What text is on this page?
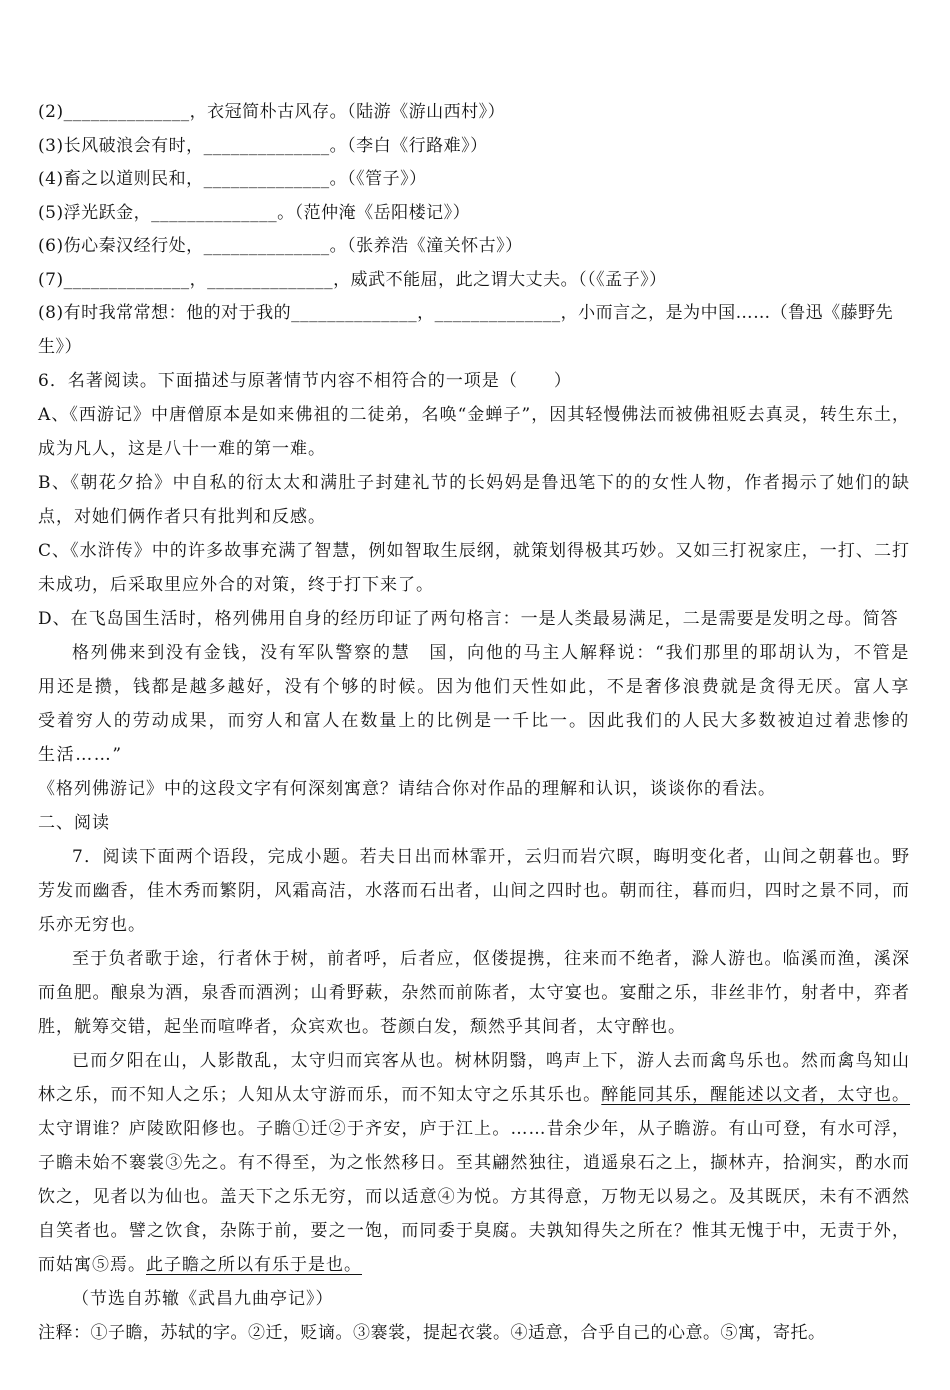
(2)______________，衣冠简朴古风存。（陆游《游山西村》）

(3)长风破浪会有时，______________。（李白《行路难》）

(4)畜之以道则民和，______________。（《管子》）

(5)浮光跃金，______________。（范仲淹《岳阳楼记》）

(6)伤心秦汉经行处，______________。（张养浩《潼关怀古》）

(7)______________，______________，威武不能屈，此之谓大丈夫。（（《孟子》）

(8)有时我常常想：他的对于我的______________，______________，小而言之，是为中国……（鲁迅《藤野先生》）

6．名著阅读。下面描述与原著情节内容不相符合的一项是（　　）

A、《西游记》中唐僧原本是如来佛祖的二徒弟，名唤“金蝉子”，因其轻慢佛法而被佛祖贬去真灵，转生东土，成为凡人，这是八十一难的第一难。

B、《朝花夕拾》中自私的衍太太和满肚子封建礼节的长妈妈是鲁迅笔下的的女性人物，作者揭示了她们的缺点，对她们俩作者只有批判和反感。

C、《水浒传》中的许多故事充满了智慧，例如智取生辰纲，就策划得极其巧妙。又如三打祝家庄，一打、二打未成功，后采取里应外合的对策，终于打下来了。

D、在飞岛国生活时，格列佛用自身的经历印证了两句格言：一是人类最易满足，二是需要是发明之母。简答

格列佛来到没有金钱，没有军队警察的慧　国，向他的马主人解释说：“我们那里的耶胡认为，不管是用还是攒，钱都是越多越好，没有个够的时候。因为他们天性如此，不是奢侈浪费就是贪得无厌。富人享受着穷人的劳动成果，而穷人和富人在数量上的比例是一千比一。因此我们的人民大多数被迫过着悲惨的生活……”

《格列佛游记》中的这段文字有何深刻寓意？请结合你对作品的理解和认识，谈谈你的看法。

二、阅读

7．阅读下面两个语段，完成小题。若夫日出而林霏开，云归而岩穴暝，晦明变化者，山间之朝暮也。野芳发而幽香，佳木秀而繁阴，风霜高洁，水落而石出者，山间之四时也。朝而往，暮而归，四时之景不同，而乐亦无穷也。

至于负者歌于途，行者休于树，前者呼，后者应，伛偻提携，往来而不绝者，滁人游也。临溪而渔，溪深而鱼肥。酿泉为酒，泉香而酒洌；山肴野蔌，杂然而前陈者，太守宴也。宴酣之乐，非丝非竹，射者中，弈者胜，觥筹交错，起坐而喧哗者，众宾欢也。苍颜白发，颓然乎其间者，太守醉也。

已而夕阳在山，人影散乱，太守归而宾客从也。树林阴翳，鸣声上下，游人去而禽鸟乐也。然而禽鸟知山林之乐，而不知人之乐；人知从太守游而乐，而不知太守之乐其乐也。醉能同其乐，醒能述以文者，太守也。太守谓谁？庐陵欧阳修也。子瞻①迁②于齐安，庐于江上。……昔余少年，从子瞻游。有山可登，有水可浮，子瞻未始不褰裳③先之。有不得至，为之怅然移日。至其翩然独往，逍遥泉石之上，撷林卉，拾涧实，酌水而饮之，见者以为仙也。盖天下之乐无穷，而以适意④为悦。方其得意，万物无以易之。及其既厌，未有不洒然自笑者也。譬之饮食，杂陈于前，要之一饱，而同委于臭腐。夫孰知得失之所在？惟其无愧于中，无责于外，而姑寓⑤焉。此子瞻之所以有乐于是也。

（节选自苏辙《武昌九曲亭记》）

注释：①子瞻，苏轼的字。②迁，贬谪。③褰裳，提起衣裳。④适意，合乎自己的心意。⑤寓，寄托。
